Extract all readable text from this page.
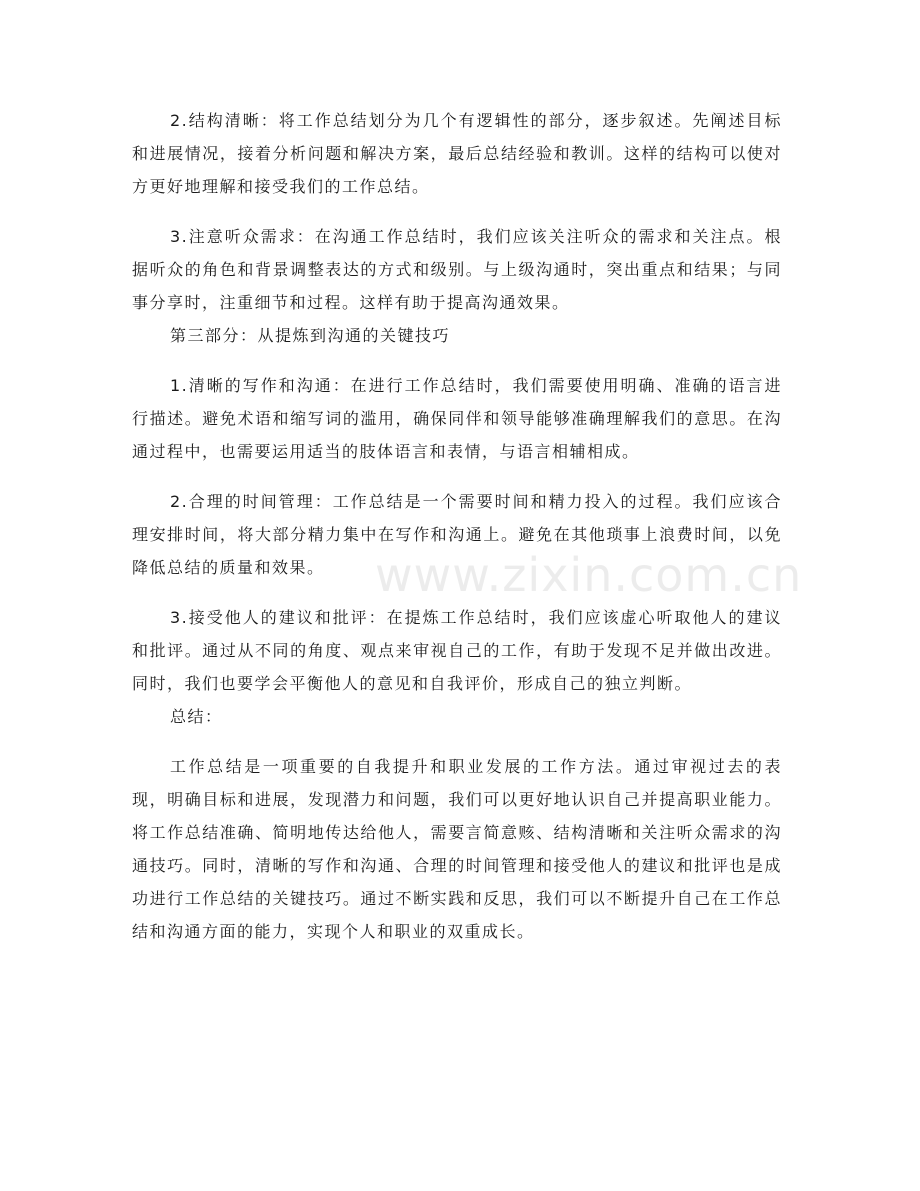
2.结构清晰：将工作总结划分为几个有逻辑性的部分，逐步叙述。先阐述目标和进展情况，接着分析问题和解决方案，最后总结经验和教训。这样的结构可以使对方更好地理解和接受我们的工作总结。

3.注意听众需求：在沟通工作总结时，我们应该关注听众的需求和关注点。根据听众的角色和背景调整表达的方式和级别。与上级沟通时，突出重点和结果；与同事分享时，注重细节和过程。这样有助于提高沟通效果。

第三部分：从提炼到沟通的关键技巧

1.清晰的写作和沟通：在进行工作总结时，我们需要使用明确、准确的语言进行描述。避免术语和缩写词的滥用，确保同伴和领导能够准确理解我们的意思。在沟通过程中，也需要运用适当的肢体语言和表情，与语言相辅相成。

2.合理的时间管理：工作总结是一个需要时间和精力投入的过程。我们应该合理安排时间，将大部分精力集中在写作和沟通上。避免在其他琐事上浪费时间，以免降低总结的质量和效果。

3.接受他人的建议和批评：在提炼工作总结时，我们应该虚心听取他人的建议和批评。通过从不同的角度、观点来审视自己的工作，有助于发现不足并做出改进。同时，我们也要学会平衡他人的意见和自我评价，形成自己的独立判断。

总结：

工作总结是一项重要的自我提升和职业发展的工作方法。通过审视过去的表现，明确目标和进展，发现潜力和问题，我们可以更好地认识自己并提高职业能力。将工作总结准确、简明地传达给他人，需要言简意赅、结构清晰和关注听众需求的沟通技巧。同时，清晰的写作和沟通、合理的时间管理和接受他人的建议和批评也是成功进行工作总结的关键技巧。通过不断实践和反思，我们可以不断提升自己在工作总结和沟通方面的能力，实现个人和职业的双重成长。

www.zixin.com.cn
